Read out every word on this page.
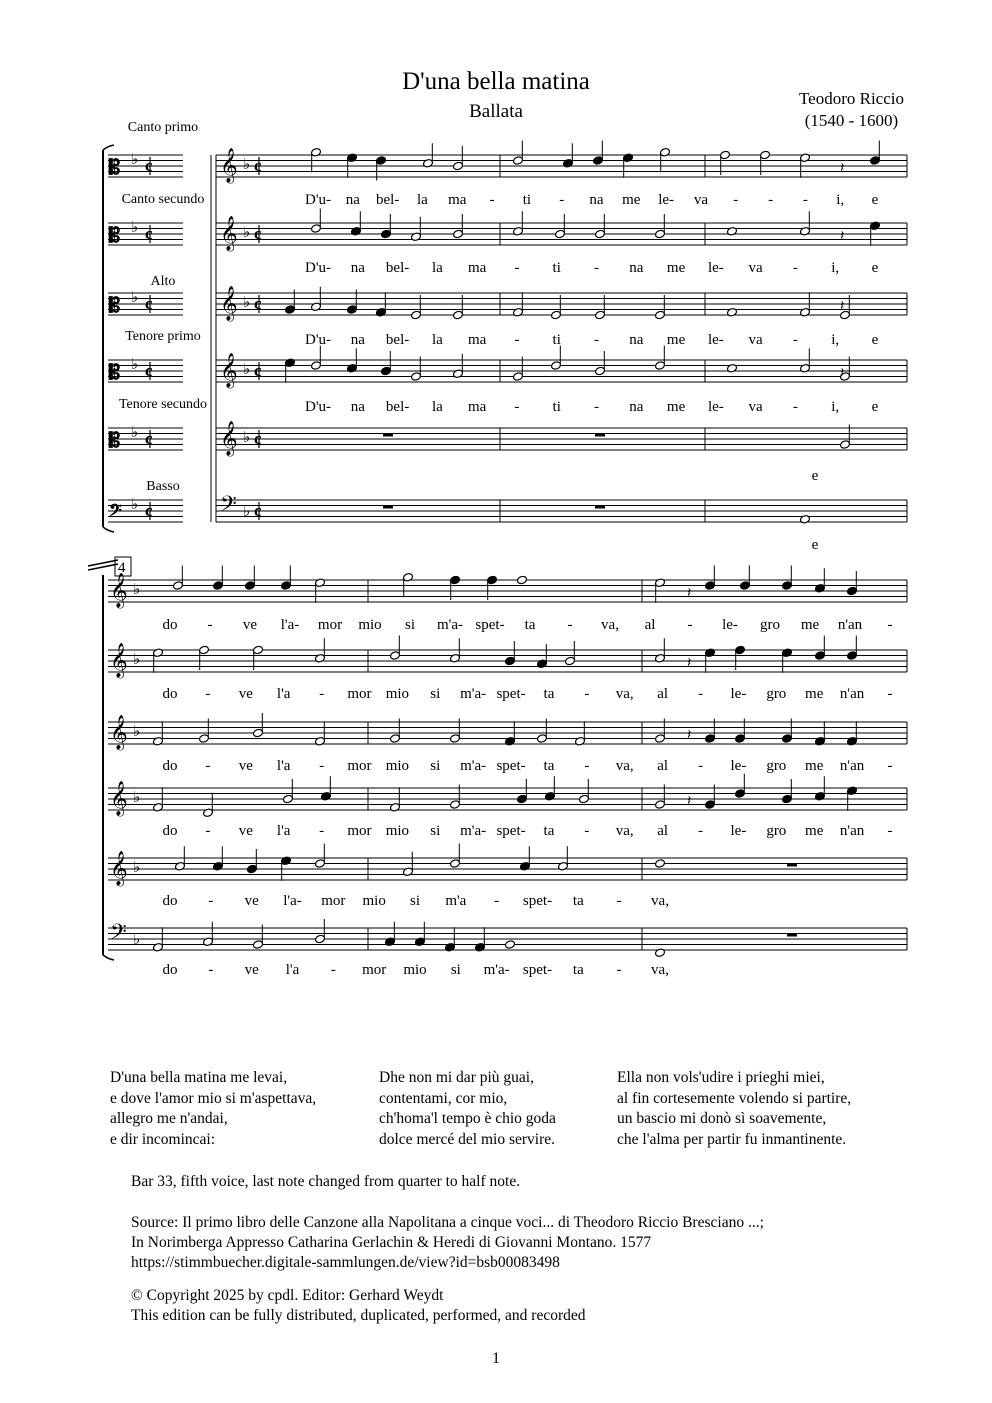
D'una bella matina
Ballata
Teodoro Riccio
(1540 - 1600)
Canto primo
Canto secundo
Alto
Tenore primo
Tenore secundo
Basso
𝄡 ♭ c 𝄞 ♭ c
𝄡 ♭ c 𝄞 ♭ c
𝄡 ♭ c 𝄞 ♭ c
𝄡 ♭ c 𝄞 ♭ c
𝄡 ♭ c 𝄞 ♭ c
𝄢 ♭ c	𝄢 ♭ c
𝄽
𝄽
𝄽
𝄽
D'u- na bel- la ma - ti - na me le- va - - - i, e
D'u- na bel- la ma - ti - na me le- va - i, e
D'u- na bel- la ma - ti - na me le- va - i, e
D'u- na bel- la ma - ti - na me le- va - i, e
e
e
𝄞 ♭
𝄞 ♭
𝄞 ♭
𝄞 ♭
𝄞 ♭
𝄢 ♭
𝄽
𝄽
𝄽
𝄽
do - ve l'a- mor mio si m'a- spet- ta - va, al - le- gro me n'an -
do - ve l'a - mor mio si m'a- spet- ta - va, al - le- gro me n'an -
do - ve l'a - mor mio si m'a- spet- ta - va, al - le- gro me n'an -
do - ve l'a - mor mio si m'a- spet- ta - va, al - le- gro me n'an -
do - ve l'a- mor mio si m'a - spet- ta - va,
do - ve l'a - mor mio si m'a- spet- ta - va,
4
D'una bella matina me levai,
e dove l'amor mio si m'aspettava,
allegro me n'andai,
e dir incomincai:
Dhe non mi dar più guai,
contentami, cor mio,
ch'homa'l tempo è chio goda
dolce mercé del mio servire.
Ella non vols'udire i prieghi miei,
al fin cortesemente volendo si partire,
un bascio mi donò sì soavemente,
che l'alma per partir fu inmantinente.
Bar 33, fifth voice, last note changed from quarter to half note.
Source: Il primo libro delle Canzone alla Napolitana a cinque voci... di Theodoro Riccio Bresciano ...;
In Norimberga Appresso Catharina Gerlachin & Heredi di Giovanni Montano. 1577
https://stimmbuecher.digitale-sammlungen.de/view?id=bsb00083498
© Copyright 2025 by cpdl. Editor: Gerhard Weydt
This edition can be fully distributed, duplicated, performed, and recorded
1
